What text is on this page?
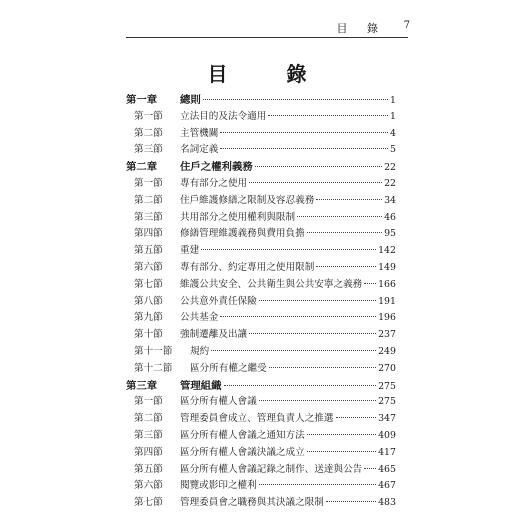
目 錄 7
目 錄
第一章	總則	1
第一節	立法目的及法令適用	1
第二節	主管機關	4
第三節	名詞定義	5
第二章	住戶之權利義務	22
第一節	專有部分之使用	22
第二節	住戶維護修繕之限制及容忍義務	34
第三節	共用部分之使用權利與限制	46
第四節	修繕管理維護義務與費用負擔	95
第五節	重建	142
第六節	專有部分、約定專用之使用限制	149
第七節	維護公共安全、公共衛生與公共安寧之義務 166
第八節	公共意外責任保險	191
第九節	公共基金	196
第十節	強制遷離及出讓	237
第十一節	規約	249
第十二節	區分所有權之繼受	270
第三章	管理組織	275
第一節	區分所有權人會議	275
第二節	管理委員會成立、管理負責人之推選	347
第三節	區分所有權人會議之通知方法	409
第四節	區分所有權人會議決議之成立	417
第五節	區分所有權人會議記錄之制作、送達與公告 465
第六節	閱覽或影印之權利	467
第七節	管理委員會之職務與其決議之限制	483
